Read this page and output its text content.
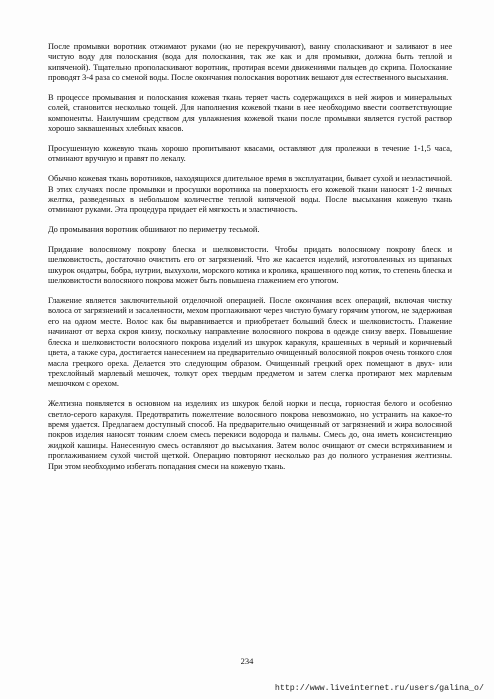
После промывки воротник отжимают руками (но не перекручивают), ванну споласкивают и заливают в нее чистую воду для полоскания (вода для полоскания, так же как и для промывки, должна быть теплой и кипяченой). Тщательно прополаскивают воротник, протирая всеми движениями пальцев до скрипа. Полоскание проводят 3-4 раза со сменой воды. После окончания полоскания воротник вешают для естественного высыхания.

В процессе промывания и полоскания кожевая ткань теряет часть содержащихся в ней жиров и минеральных солей, становится несколько тощей. Для наполнения кожевой ткани в нее необходимо ввести соответствующие компоненты. Наилучшим средством для увлажнения кожевой ткани после промывки является густой раствор хорошо заквашенных хлебных квасов.

Просушенную кожевую ткань хорошо пропитывают квасами, оставляют для пролежки в течение 1-1,5 часа, отминают вручную и правят по лекалу.

Обычно кожевая ткань воротников, находящихся длительное время в эксплуатации, бывает сухой и неэластичной. В этих случаях после промывки и просушки воротника на поверхность его кожевой ткани наносят 1-2 яичных желтка, разведенных в небольшом количестве теплой кипяченой воды. После высыхания кожевую ткань отминают руками. Эта процедура придает ей мягкость и эластичность.

До промывания воротник обшивают по периметру тесьмой.

Придание волосяному покрову блеска и шелковистости. Чтобы придать волосяному покрову блеск и шелковистость, достаточно очистить его от загрязнений. Что же касается изделий, изготовленных из щипаных шкурок ондатры, бобра, нутрии, выхухоли, морского котика и кролика, крашенного под котик, то степень блеска и шелковистости волосяного покрова может быть повышена глажением его утюгом.

Глажение является заключительной отделочной операцией. После окончания всех операций, включая чистку волоса от загрязнений и засаленности, мехом проглаживают через чистую бумагу горячим утюгом, не задерживая его на одном месте. Волос как бы выравнивается и приобретает больший блеск и шелковистость. Глажение начинают от верха скроя книзу, поскольку направление волосяного покрова в одежде снизу вверх. Повышение блеска и шелковистости волосяного покрова изделий из шкурок каракуля, крашенных в черный и коричневый цвета, а также сура, достигается нанесением на предварительно очищенный волосяной покров очень тонкого слоя масла грецкого ореха. Делается это следующим образом. Очищенный грецкий орех помещают в двух- или трехслойный марлевый мешочек, толкут орех твердым предметом и затем слегка протирают мех марлевым мешочком с орехом.

Желтизна появляется в основном на изделиях из шкурок белой норки и песца, горностая белого и особенно светло-серого каракуля. Предотвратить пожелтение волосяного покрова невозможно, но устранить на какое-то время удается. Предлагаем доступный способ. На предварительно очищенный от загрязнений и жира волосяной покров изделия наносят тонким слоем смесь перекиси водорода и пальмы. Смесь до, она иметь консистенцию жидкой кашицы. Нанесенную смесь оставляют до высыхания. Затем волос очищают от смеси встряхиванием и проглаживанием сухой чистой щеткой. Операцию повторяют несколько раз до полного устранения желтизны. При этом необходимо избегать попадания смеси на кожевую ткань.

234
http://www.liveinternet.ru/users/galina_o/
